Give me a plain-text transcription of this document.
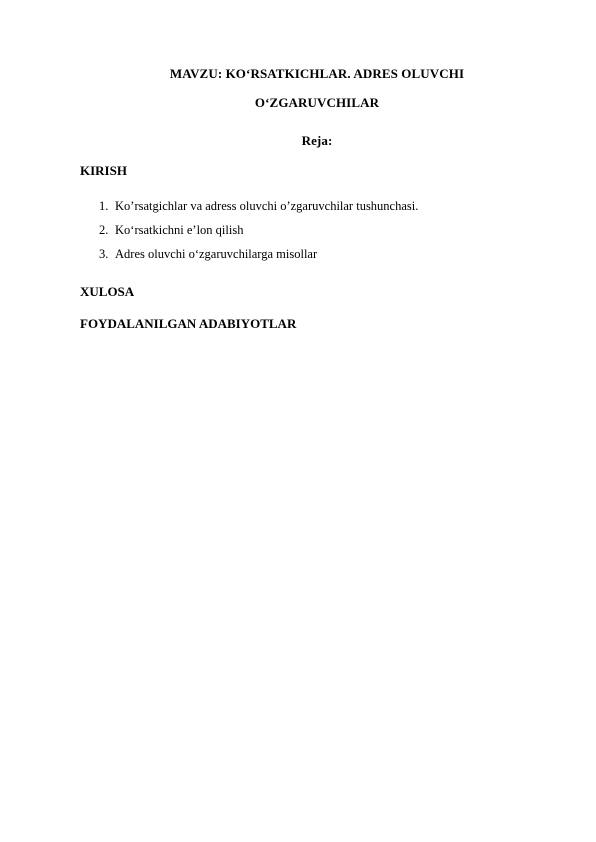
MAVZU: KO‘RSATKICHLAR. ADRES OLUVCHI
O‘ZGARUVCHILAR
Reja:
KIRISH
1. Ko’rsatgichlar va adress oluvchi o’zgaruvchilar tushunchasi.
2. Ko‘rsatkichni e’lon qilish
3. Adres oluvchi o‘zgaruvchilarga misollar
XULOSA
FOYDALANILGAN ADABIYOTLAR
